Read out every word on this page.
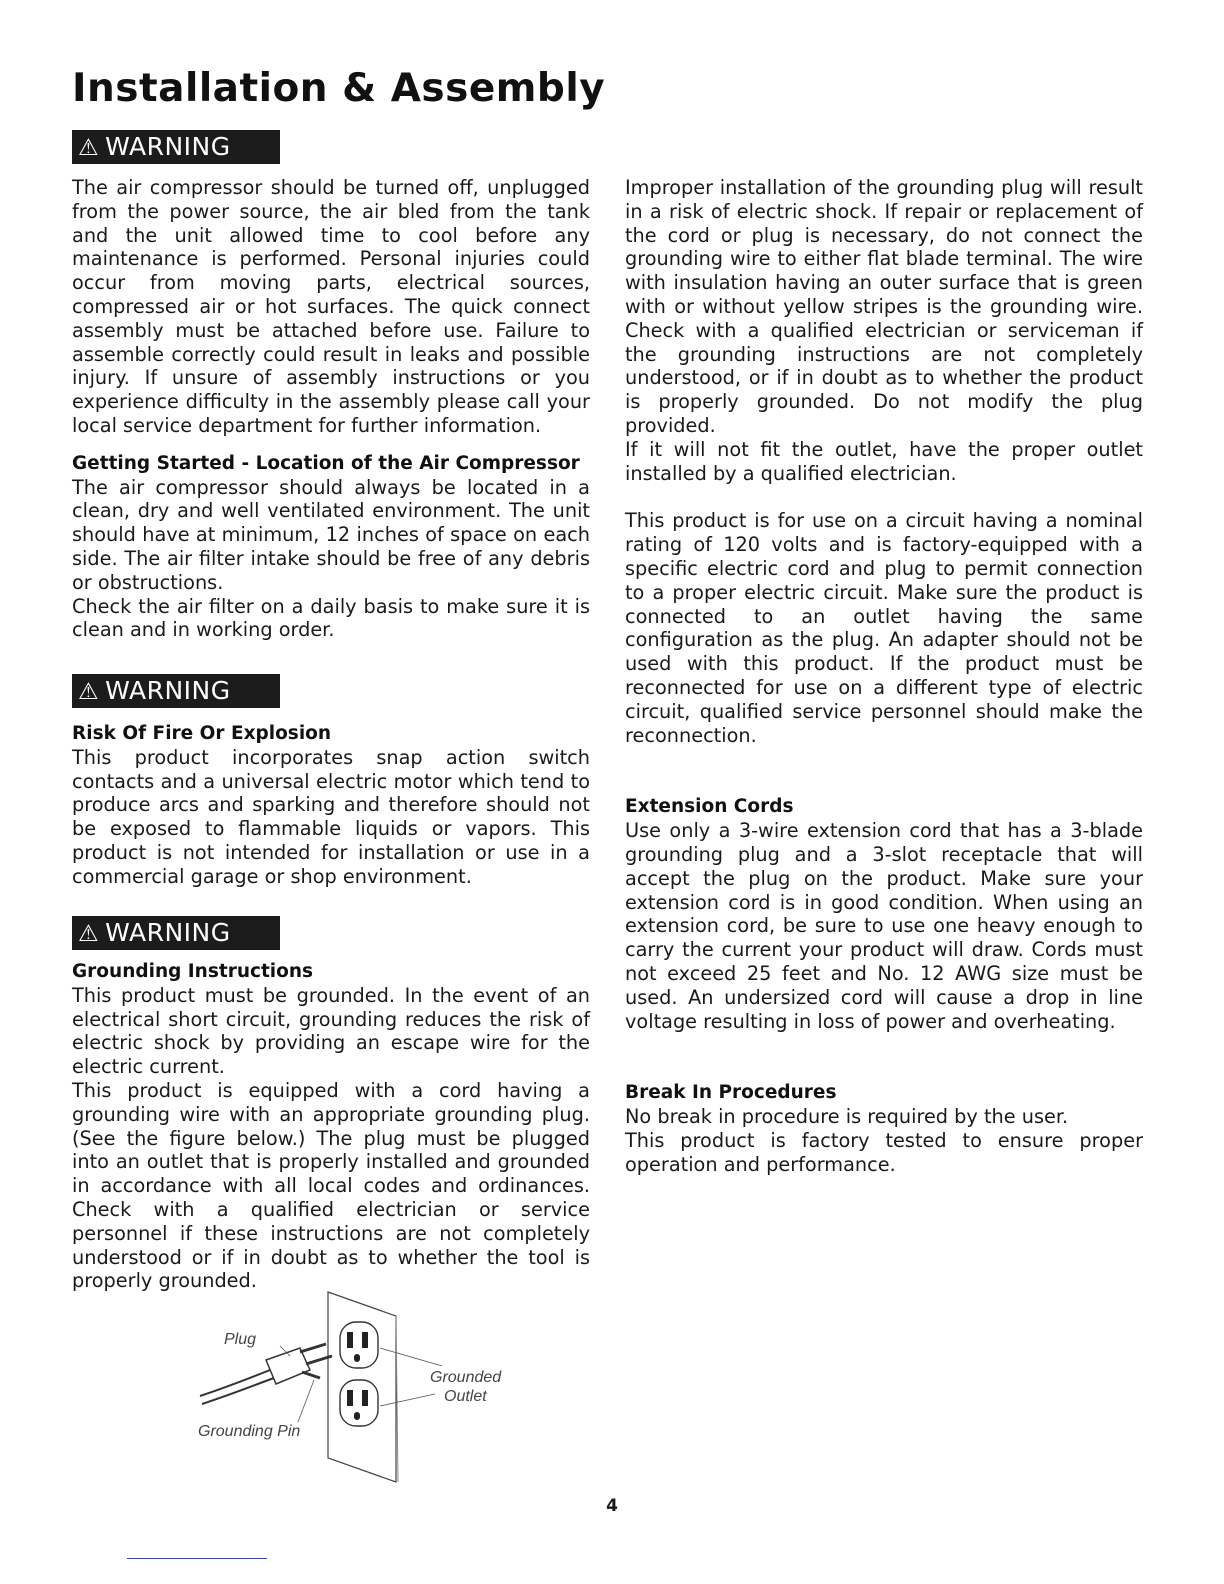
Installation & Assembly
⚠ WARNING

The air compressor should be turned off, unplugged from the power source, the air bled from the tank and the unit allowed time to cool before any maintenance is performed. Personal injuries could occur from moving parts, electrical sources, compressed air or hot surfaces. The quick connect assembly must be attached before use. Failure to assemble correctly could result in leaks and possible injury. If unsure of assembly instructions or you experience difficulty in the assembly please call your local service department for further information.

Getting Started - Location of the Air Compressor

The air compressor should always be located in a clean, dry and well ventilated environment. The unit should have at minimum, 12 inches of space on each side. The air filter intake should be free of any debris or obstructions.

Check the air filter on a daily basis to make sure it is clean and in working order.

⚠ WARNING
Risk Of Fire Or Explosion

This product incorporates snap action switch contacts and a universal electric motor which tend to produce arcs and sparking and therefore should not be exposed to flammable liquids or vapors. This product is not intended for installation or use in a commercial garage or shop environment.

⚠ WARNING
Grounding Instructions

This product must be grounded. In the event of an electrical short circuit, grounding reduces the risk of electric shock by providing an escape wire for the electric current.

This product is equipped with a cord having a grounding wire with an appropriate grounding plug. (See the figure below.) The plug must be plugged into an outlet that is properly installed and grounded in accordance with all local codes and ordinances. Check with a qualified electrician or service personnel if these instructions are not completely understood or if in doubt as to whether the tool is properly grounded.

Plug
Grounded
Outlet
Grounding Pin

Improper installation of the grounding plug will result in a risk of electric shock. If repair or replacement of the cord or plug is necessary, do not connect the grounding wire to either flat blade terminal. The wire with insulation having an outer surface that is green with or without yellow stripes is the grounding wire. Check with a qualified electrician or serviceman if the grounding instructions are not completely understood, or if in doubt as to whether the product is properly grounded. Do not modify the plug provided.

If it will not fit the outlet, have the proper outlet installed by a qualified electrician.

This product is for use on a circuit having a nominal rating of 120 volts and is factory-equipped with a specific electric cord and plug to permit connection to a proper electric circuit. Make sure the product is connected to an outlet having the same configuration as the plug. An adapter should not be used with this product. If the product must be reconnected for use on a different type of electric circuit, qualified service personnel should make the reconnection.

Extension Cords

Use only a 3-wire extension cord that has a 3-blade grounding plug and a 3-slot receptacle that will accept the plug on the product. Make sure your extension cord is in good condition. When using an extension cord, be sure to use one heavy enough to carry the current your product will draw. Cords must not exceed 25 feet and No. 12 AWG size must be used. An undersized cord will cause a drop in line voltage resulting in loss of power and overheating.

Break In Procedures

No break in procedure is required by the user.

This product is factory tested to ensure proper operation and performance.

4
